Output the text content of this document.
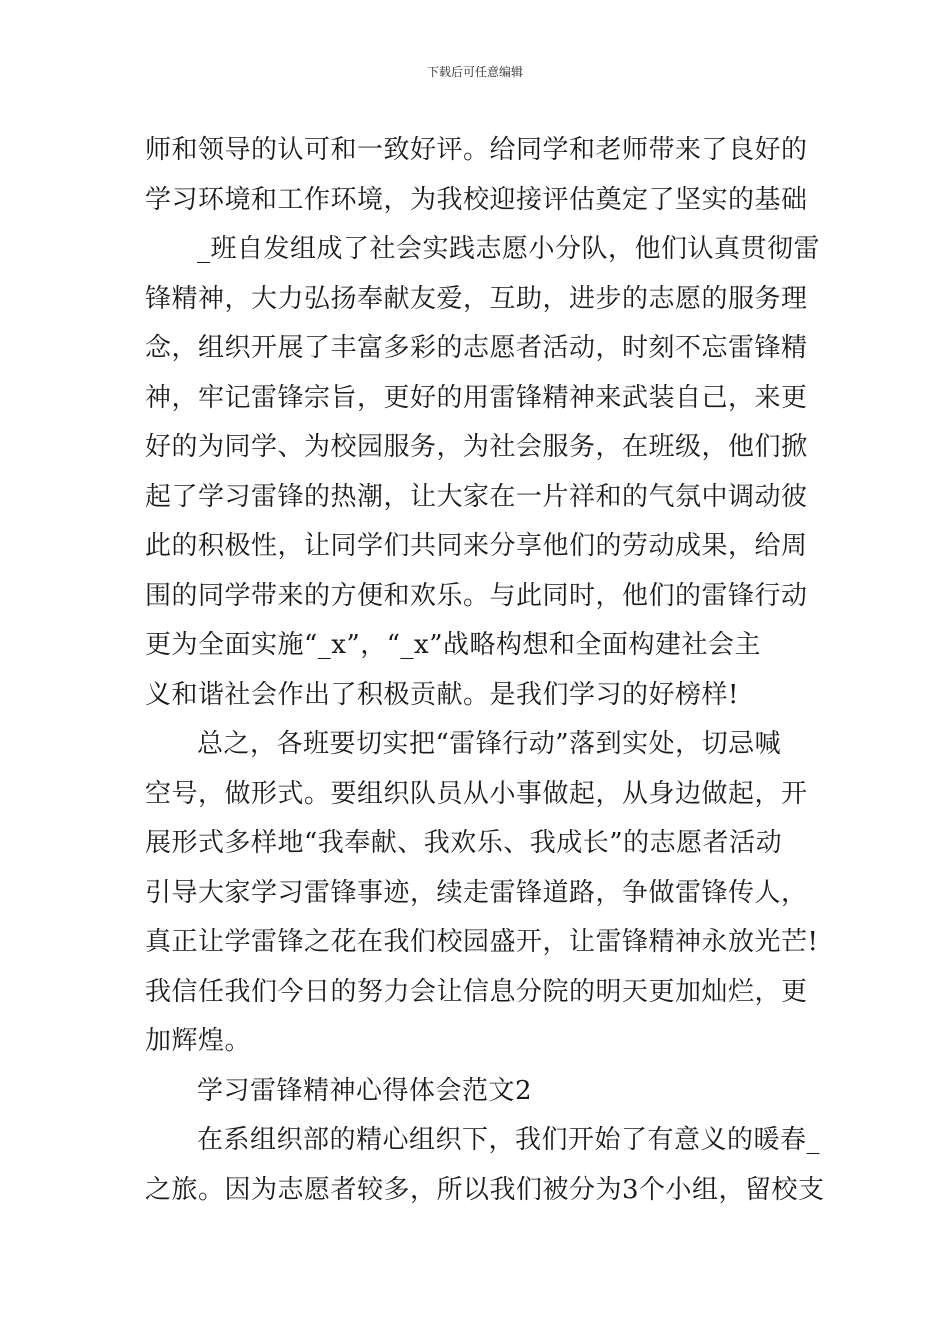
下载后可任意编辑
师和领导的认可和一致好评。给同学和老师带来了良好的
学习环境和工作环境，为我校迎接评估奠定了坚实的基础
_班自发组成了社会实践志愿小分队，他们认真贯彻雷
锋精神，大力弘扬奉献友爱，互助，进步的志愿的服务理
念，组织开展了丰富多彩的志愿者活动，时刻不忘雷锋精
神，牢记雷锋宗旨，更好的用雷锋精神来武装自己，来更
好的为同学、为校园服务，为社会服务，在班级，他们掀
起了学习雷锋的热潮，让大家在一片祥和的气氛中调动彼
此的积极性，让同学们共同来分享他们的劳动成果，给周
围的同学带来的方便和欢乐。与此同时，他们的雷锋行动
更为全面实施“_x”，“_x”战略构想和全面构建社会主
义和谐社会作出了积极贡献。是我们学习的好榜样!
总之，各班要切实把“雷锋行动”落到实处，切忌喊
空号，做形式。要组织队员从小事做起，从身边做起，开
展形式多样地“我奉献、我欢乐、我成长”的志愿者活动
引导大家学习雷锋事迹，续走雷锋道路，争做雷锋传人，
真正让学雷锋之花在我们校园盛开，让雷锋精神永放光芒!
我信任我们今日的努力会让信息分院的明天更加灿烂，更
加辉煌。
学习雷锋精神心得体会范文2
在系组织部的精心组织下，我们开始了有意义的暖春_
之旅。因为志愿者较多，所以我们被分为3个小组，留校支
